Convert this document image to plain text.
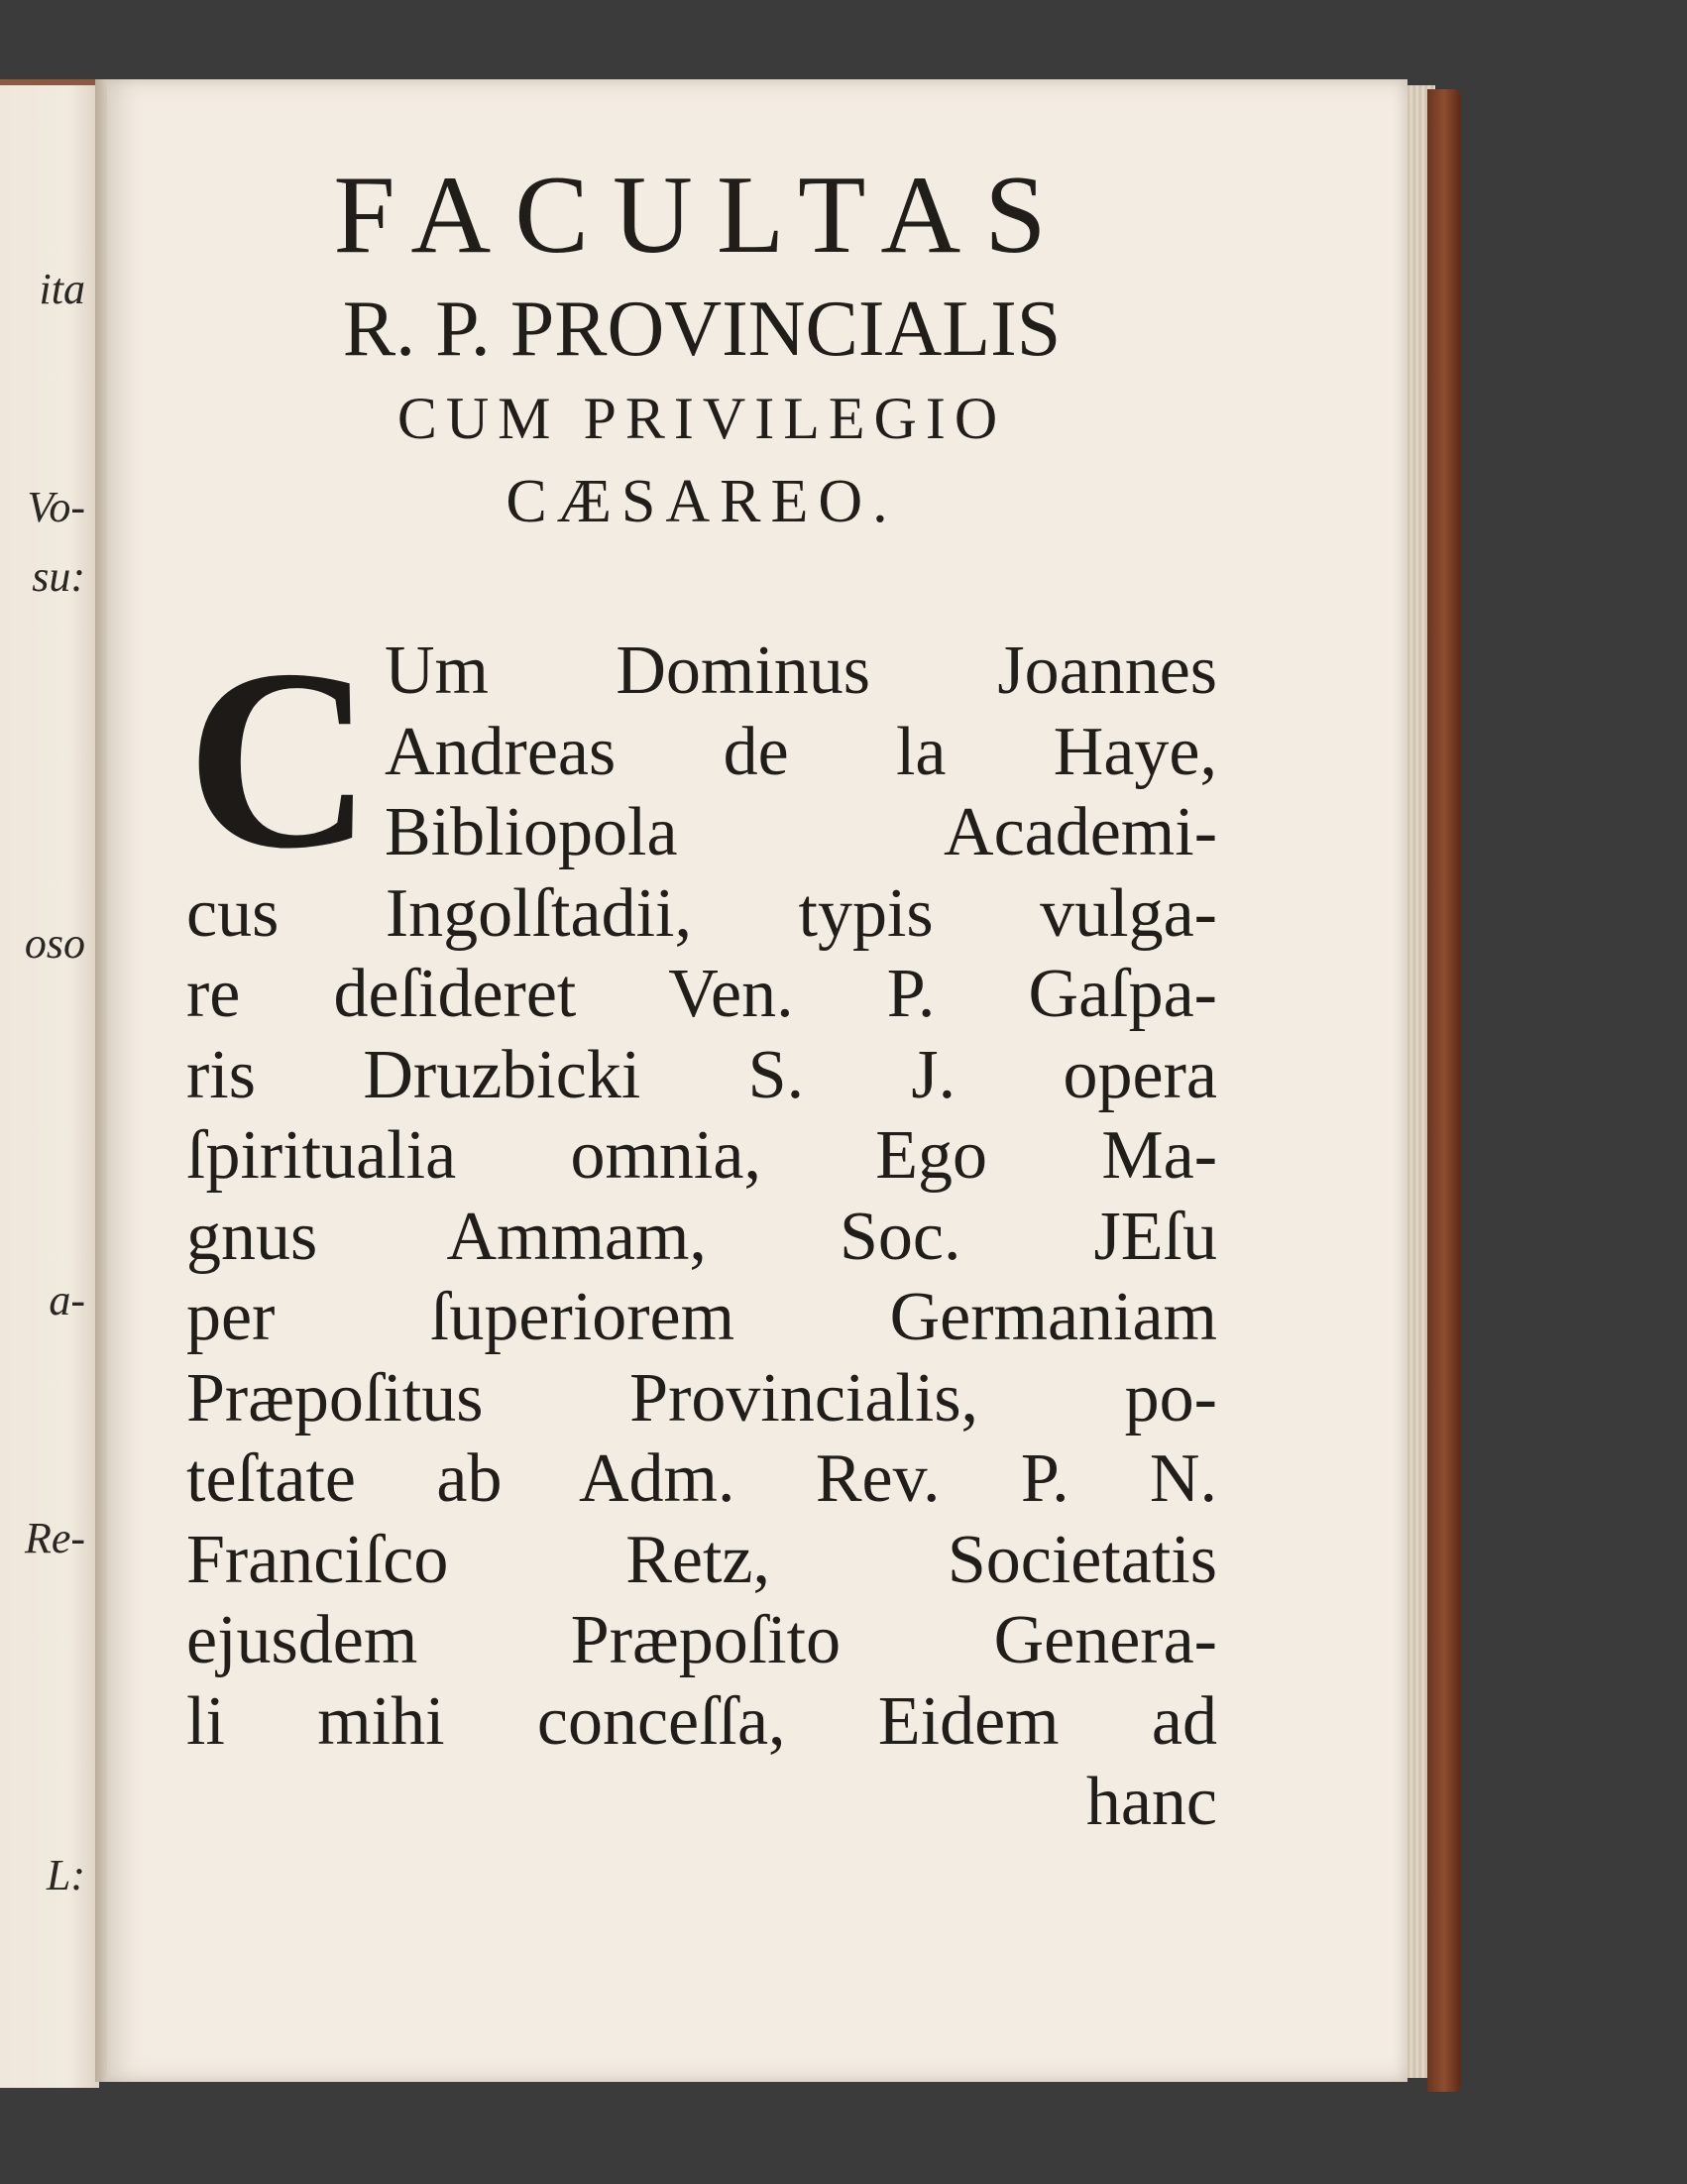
ita
Vo-
su:
oso
a-
Re-
L:
FACULTAS
R. P. PROVINCIALIS
CUM PRIVILEGIO
CÆSAREO.
C Um Dominus Joannes
Andreas de la Haye,
Bibliopola Academi-
cus Ingolſtadii, typis vulga-
re deſideret Ven. P. Gaſpa-
ris Druzbicki S. J. opera
ſpiritualia omnia, Ego Ma-
gnus Ammam, Soc. JEſu
per ſuperiorem Germaniam
Præpoſitus Provincialis, po-
teſtate ab Adm. Rev. P. N.
Franciſco Retz, Societatis
ejusdem Præpoſito Genera-
li mihi conceſſa, Eidem ad
hanc
